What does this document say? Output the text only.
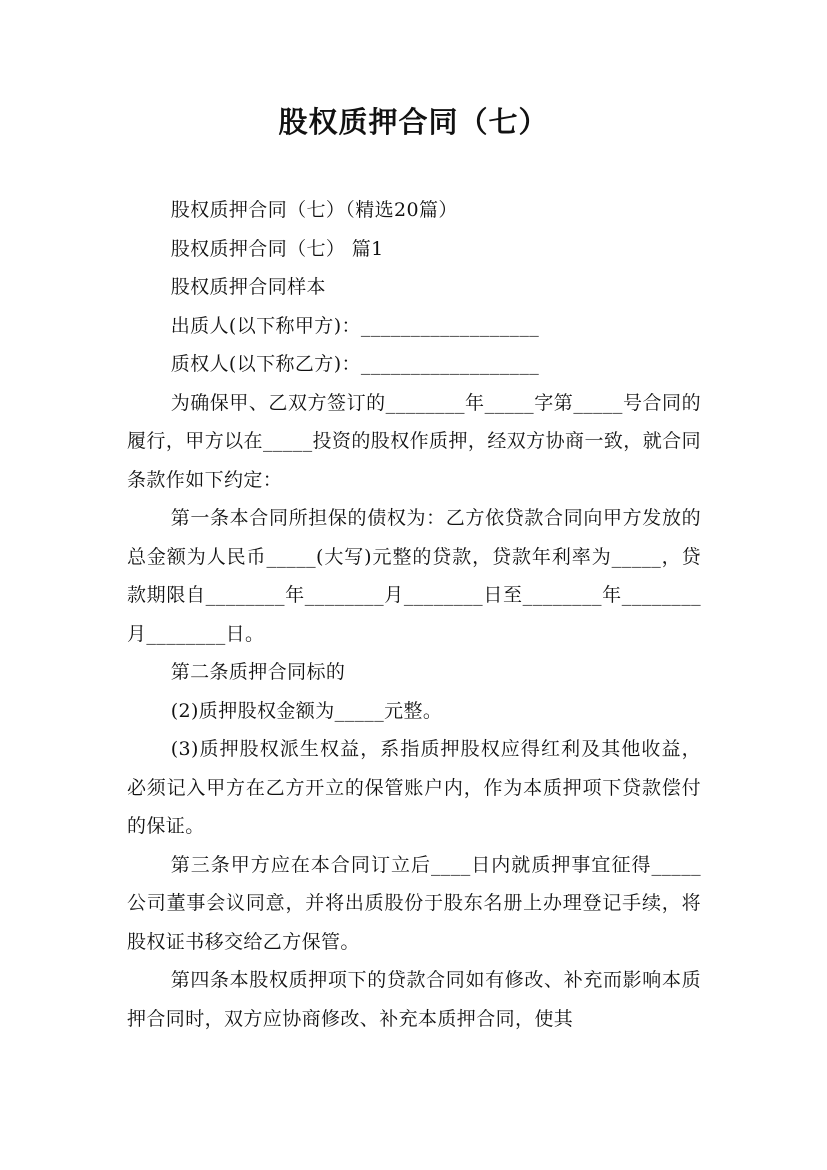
股权质押合同（七）

股权质押合同（七）（精选20篇）

股权质押合同（七） 篇1

股权质押合同样本

出质人(以下称甲方)：__________________

质权人(以下称乙方)：__________________

为确保甲、乙双方签订的________年_____字第_____号合同的履行，甲方以在_____投资的股权作质押，经双方协商一致，就合同条款作如下约定：

第一条本合同所担保的债权为：乙方依贷款合同向甲方发放的总金额为人民币_____(大写)元整的贷款，贷款年利率为_____，贷款期限自________年________月________日至________年________月________日。

第二条质押合同标的

(2)质押股权金额为_____元整。

(3)质押股权派生权益，系指质押股权应得红利及其他收益，必须记入甲方在乙方开立的保管账户内，作为本质押项下贷款偿付的保证。

第三条甲方应在本合同订立后____日内就质押事宜征得_____公司董事会议同意，并将出质股份于股东名册上办理登记手续，将股权证书移交给乙方保管。

第四条本股权质押项下的贷款合同如有修改、补充而影响本质押合同时，双方应协商修改、补充本质押合同，使其
